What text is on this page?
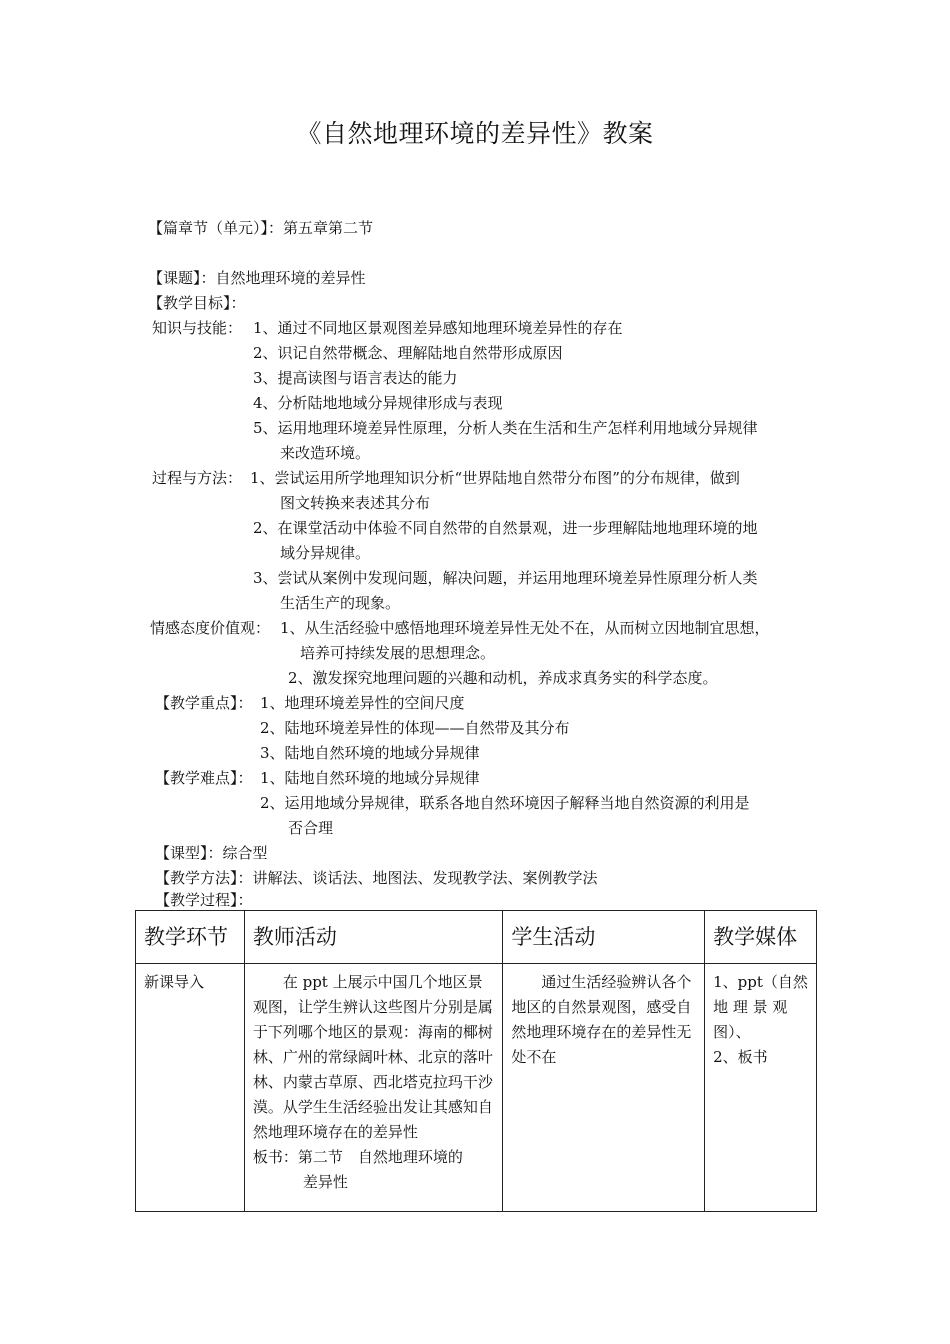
《自然地理环境的差异性》教案
【篇章节（单元）】：第五章第二节
【课题】：自然地理环境的差异性
【教学目标】：
知识与技能： 1、通过不同地区景观图差异感知地理环境差异性的存在
2、识记自然带概念、理解陆地自然带形成原因
3、提高读图与语言表达的能力
4、分析陆地地域分异规律形成与表现
5、运用地理环境差异性原理，分析人类在生活和生产怎样利用地域分异规律
来改造环境。
过程与方法： 1、尝试运用所学地理知识分析“世界陆地自然带分布图”的分布规律，做到
图文转换来表述其分布
2、在课堂活动中体验不同自然带的自然景观，进一步理解陆地地理环境的地
域分异规律。
3、尝试从案例中发现问题，解决问题，并运用地理环境差异性原理分析人类
生活生产的现象。
情感态度价值观： 1、从生活经验中感悟地理环境差异性无处不在，从而树立因地制宜思想，
培养可持续发展的思想理念。
2、激发探究地理问题的兴趣和动机，养成求真务实的科学态度。
【教学重点】： 1、地理环境差异性的空间尺度
2、陆地环境差异性的体现——自然带及其分布
3、陆地自然环境的地域分异规律
【教学难点】： 1、陆地自然环境的地域分异规律
2、运用地域分异规律，联系各地自然环境因子解释当地自然资源的利用是
否合理
【课型】：综合型
【教学方法】：讲解法、谈话法、地图法、发现教学法、案例教学法
【教学过程】：
教学环节	教师活动	学生活动	教学媒体
新课导入	在 ppt 上展示中国几个地区景观图，让学生辨认这些图片分别是属于下列哪个地区的景观：海南的椰树林、广州的常绿阔叶林、北京的落叶林、内蒙古草原、西北塔克拉玛干沙漠。从学生生活经验出发让其感知自然地理环境存在的差异性
板书：第二节　自然地理环境的
差异性	通过生活经验辨认各个地区的自然景观图，感受自然地理环境存在的差异性无处不在	1、ppt（自然地 理 景 观图）、
2、板书
